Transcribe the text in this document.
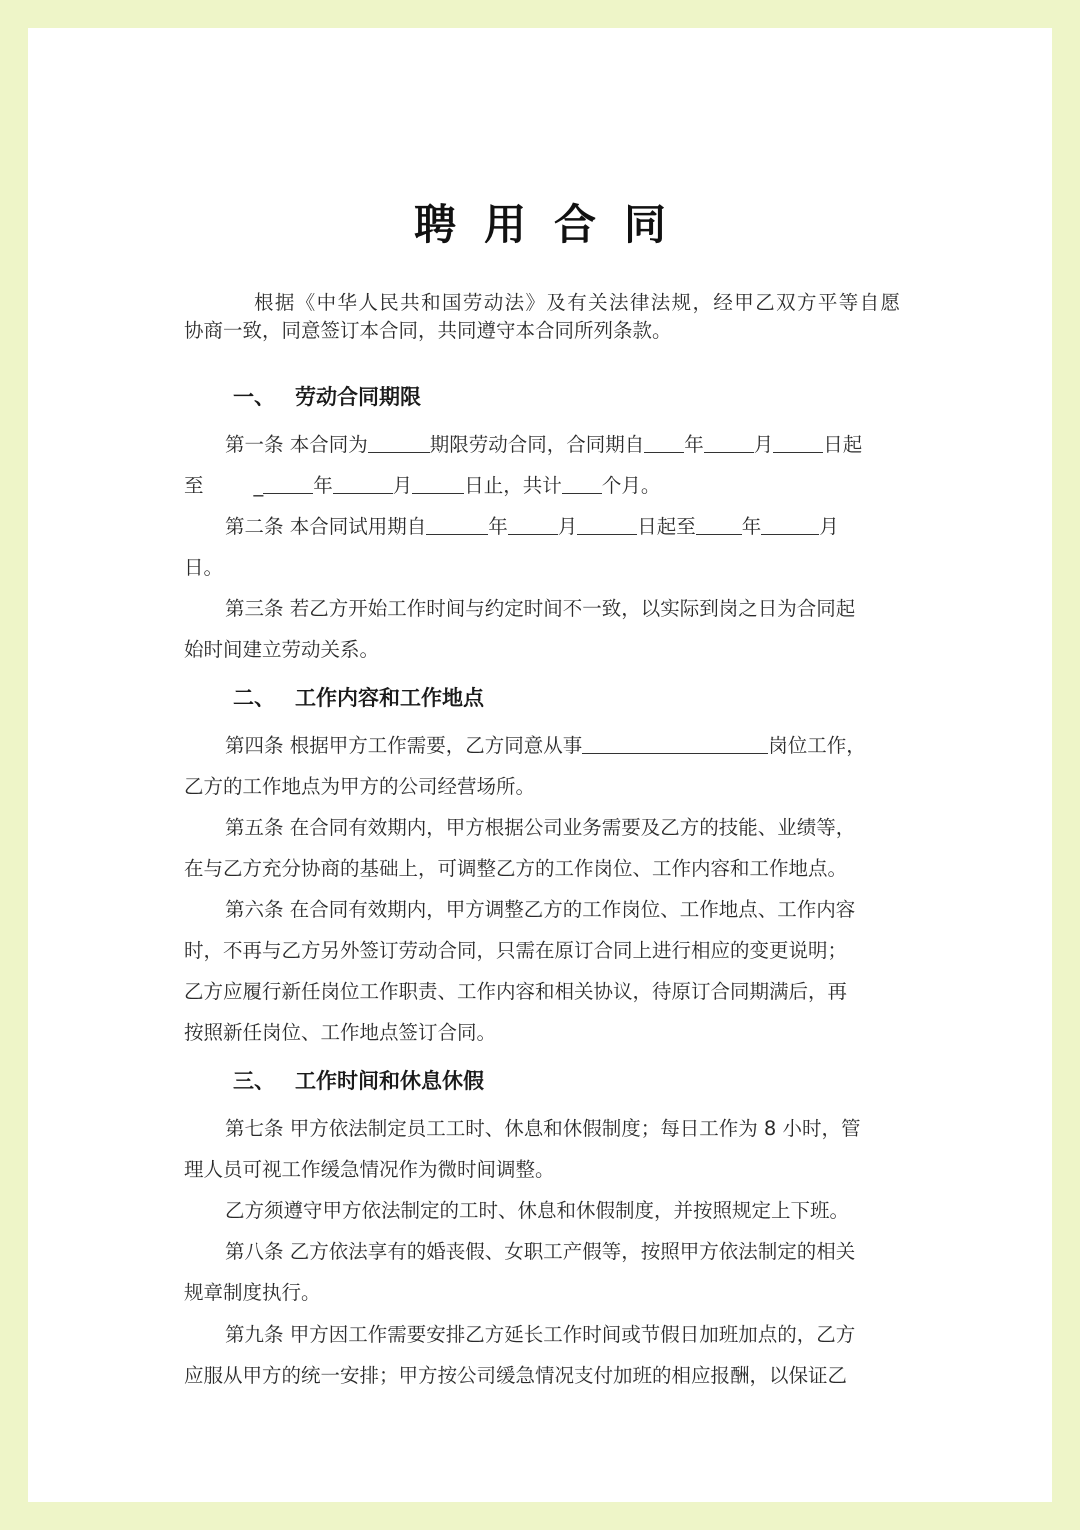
聘用合同
根据《中华人民共和国劳动法》及有关法律法规，经甲乙双方平等自愿
协商一致，同意签订本合同，共同遵守本合同所列条款。
一、 劳动合同期限
第一条 本合同为	期限劳动合同，合同期自 年	月	日起
至	_	年	月	日止，共计 个月。
第二条 本合同试用期自	年	月	日起至 年	月
日。
第三条 若乙方开始工作时间与约定时间不一致，以实际到岗之日为合同起
始时间建立劳动关系。
二、 工作内容和工作地点
第四条 根据甲方工作需要，乙方同意从事	岗位工作，
乙方的工作地点为甲方的公司经营场所。
第五条 在合同有效期内，甲方根据公司业务需要及乙方的技能、业绩等，
在与乙方充分协商的基础上，可调整乙方的工作岗位、工作内容和工作地点。
第六条 在合同有效期内，甲方调整乙方的工作岗位、工作地点、工作内容
时，不再与乙方另外签订劳动合同，只需在原订合同上进行相应的变更说明；
乙方应履行新任岗位工作职责、工作内容和相关协议，待原订合同期满后，再
按照新任岗位、工作地点签订合同。
三、 工作时间和休息休假
第七条 甲方依法制定员工工时、休息和休假制度；每日工作为 8 小时，管
理人员可视工作缓急情况作为微时间调整。
乙方须遵守甲方依法制定的工时、休息和休假制度，并按照规定上下班。
第八条 乙方依法享有的婚丧假、女职工产假等，按照甲方依法制定的相关
规章制度执行。
第九条 甲方因工作需要安排乙方延长工作时间或节假日加班加点的，乙方
应服从甲方的统一安排；甲方按公司缓急情况支付加班的相应报酬，以保证乙
